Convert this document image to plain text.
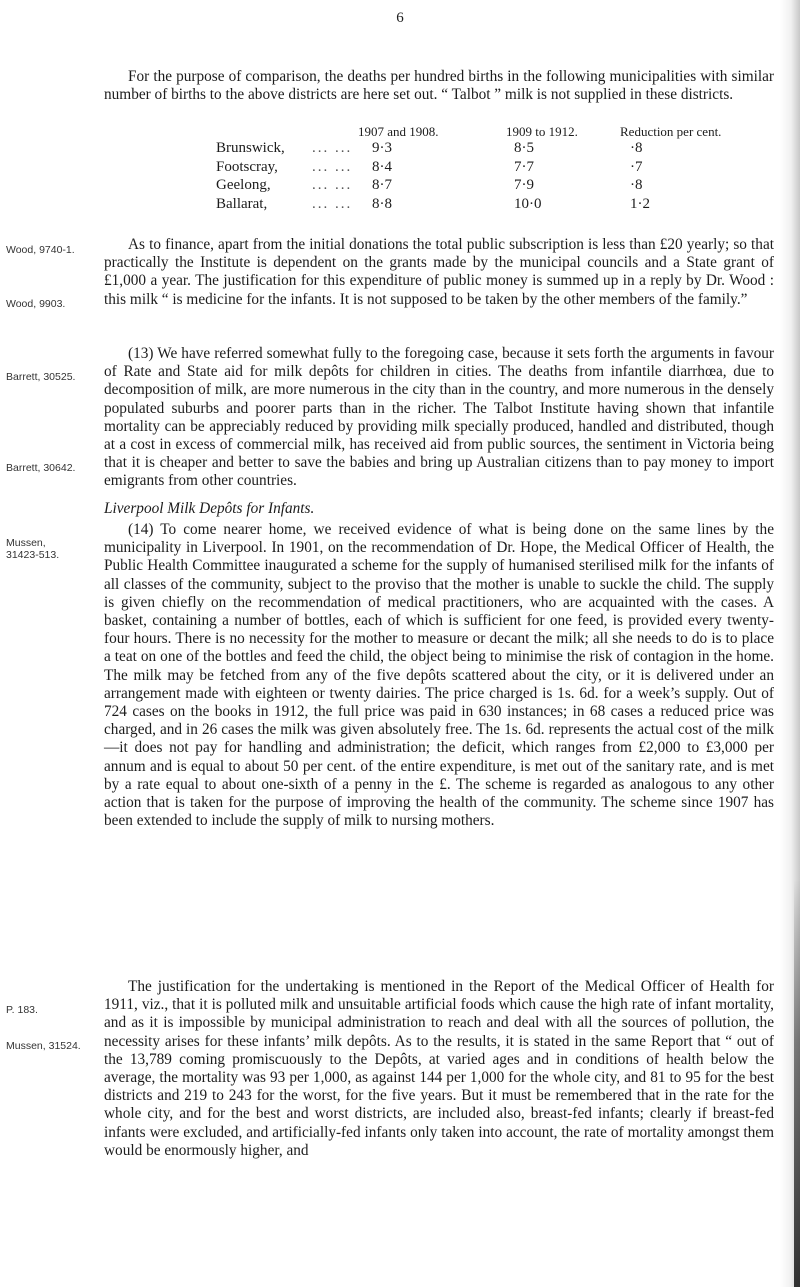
6

For the purpose of comparison, the deaths per hundred births in the following municipalities with similar number of births to the above districts are here set out. “ Talbot ” milk is not supplied in these districts.

1907 and 1908.	1909 to 1912.	Reduction per cent.
Brunswick, ... ... 9·3	8·5	·8
Footscray, ... ... 8·4	7·7	·7
Geelong,	... ... 8·7	7·9	·8
Ballarat,	... ... 8·8	10·0	1·2

As to finance, apart from the initial donations the total public subscription is less than £20 yearly; so that practically the Institute is dependent on the grants made by the municipal councils and a State grant of £1,000 a year. The justification for this expenditure of public money is summed up in a reply by Dr. Wood : this milk “ is medicine for the infants. It is not supposed to be taken by the other members of the family.”

(13) We have referred somewhat fully to the foregoing case, because it sets forth the arguments in favour of Rate and State aid for milk depôts for children in cities. The deaths from infantile diarrhœa, due to decomposition of milk, are more numerous in the city than in the country, and more numerous in the densely populated suburbs and poorer parts than in the richer. The Talbot Institute having shown that infantile mortality can be appreciably reduced by providing milk specially produced, handled and distributed, though at a cost in excess of commercial milk, has received aid from public sources, the sentiment in Victoria being that it is cheaper and better to save the babies and bring up Australian citizens than to pay money to import emigrants from other countries.

Liverpool Milk Depôts for Infants.

(14) To come nearer home, we received evidence of what is being done on the same lines by the municipality in Liverpool. In 1901, on the recommendation of Dr. Hope, the Medical Officer of Health, the Public Health Committee inaugurated a scheme for the supply of humanised sterilised milk for the infants of all classes of the community, subject to the proviso that the mother is unable to suckle the child. The supply is given chiefly on the recommendation of medical practitioners, who are acquainted with the cases. A basket, containing a number of bottles, each of which is sufficient for one feed, is provided every twenty-four hours. There is no necessity for the mother to measure or decant the milk; all she needs to do is to place a teat on one of the bottles and feed the child, the object being to minimise the risk of contagion in the home. The milk may be fetched from any of the five depôts scattered about the city, or it is delivered under an arrangement made with eighteen or twenty dairies. The price charged is 1s. 6d. for a week’s supply. Out of 724 cases on the books in 1912, the full price was paid in 630 instances; in 68 cases a reduced price was charged, and in 26 cases the milk was given absolutely free. The 1s. 6d. represents the actual cost of the milk—it does not pay for handling and administration; the deficit, which ranges from £2,000 to £3,000 per annum and is equal to about 50 per cent. of the entire expenditure, is met out of the sanitary rate, and is met by a rate equal to about one-sixth of a penny in the £. The scheme is regarded as analogous to any other action that is taken for the purpose of improving the health of the community. The scheme since 1907 has been extended to include the supply of milk to nursing mothers.

The justification for the undertaking is mentioned in the Report of the Medical Officer of Health for 1911, viz., that it is polluted milk and unsuitable artificial foods which cause the high rate of infant mortality, and as it is impossible by municipal administration to reach and deal with all the sources of pollution, the necessity arises for these infants’ milk depôts. As to the results, it is stated in the same Report that “ out of the 13,789 coming promiscuously to the Depôts, at varied ages and in conditions of health below the average, the mortality was 93 per 1,000, as against 144 per 1,000 for the whole city, and 81 to 95 for the best districts and 219 to 243 for the worst, for the five years. But it must be remembered that in the rate for the whole city, and for the best and worst districts, are included also, breast-fed infants; clearly if breast-fed infants were excluded, and artificially-fed infants only taken into account, the rate of mortality amongst them would be enormously higher, and

Wood, 9740-1.
Wood, 9903.
Barrett, 30525.
Barrett, 30642.
Mussen, 31423-513.
P. 183.
Mussen, 31524.
